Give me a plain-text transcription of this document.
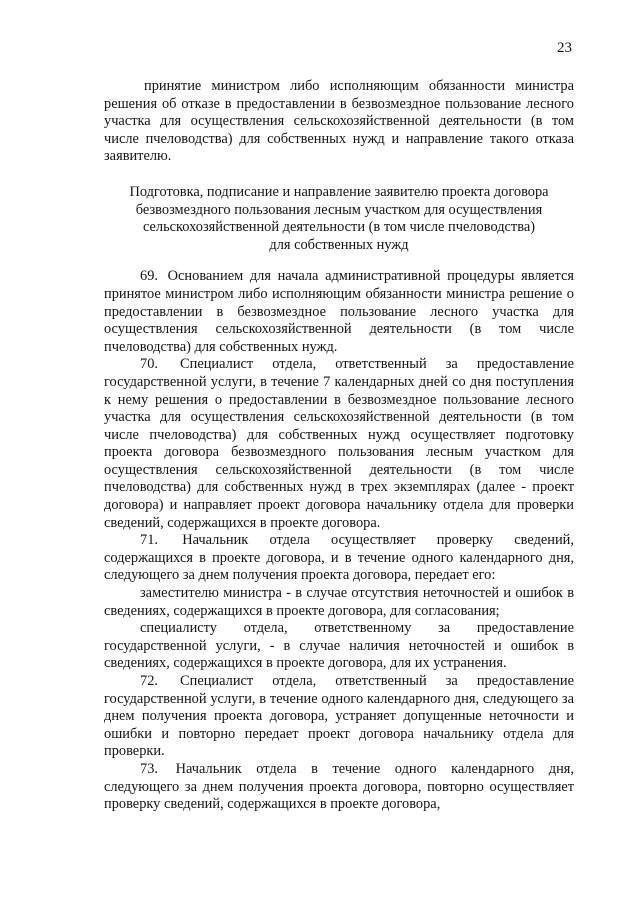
23

принятие министром либо исполняющим обязанности министра решения об отказе в предоставлении в безвозмездное пользование лесного участка для осуществления сельскохозяйственной деятельности (в том числе пчеловодства) для собственных нужд и направление такого отказа заявителю.

Подготовка, подписание и направление заявителю проекта договора
безвозмездного пользования лесным участком для осуществления
сельскохозяйственной деятельности (в том числе пчеловодства)
для собственных нужд

69. Основанием для начала административной процедуры является принятое министром либо исполняющим обязанности министра решение о предоставлении в безвозмездное пользование лесного участка для осуществления сельскохозяйственной деятельности (в том числе пчеловодства) для собственных нужд.

70. Специалист отдела, ответственный за предоставление государственной услуги, в течение 7 календарных дней со дня поступления к нему решения о предоставлении в безвозмездное пользование лесного участка для осуществления сельскохозяйственной деятельности (в том числе пчеловодства) для собственных нужд осуществляет подготовку проекта договора безвозмездного пользования лесным участком для осуществления сельскохозяйственной деятельности (в том числе пчеловодства) для собственных нужд в трех экземплярах (далее - проект договора) и направляет проект договора начальнику отдела для проверки сведений, содержащихся в проекте договора.

71. Начальник отдела осуществляет проверку сведений, содержащихся в проекте договора, и в течение одного календарного дня, следующего за днем получения проекта договора, передает его:

заместителю министра - в случае отсутствия неточностей и ошибок в сведениях, содержащихся в проекте договора, для согласования;

специалисту отдела, ответственному за предоставление государственной услуги, - в случае наличия неточностей и ошибок в сведениях, содержащихся в проекте договора, для их устранения.

72. Специалист отдела, ответственный за предоставление государственной услуги, в течение одного календарного дня, следующего за днем получения проекта договора, устраняет допущенные неточности и ошибки и повторно передает проект договора начальнику отдела для проверки.

73. Начальник отдела в течение одного календарного дня, следующего за днем получения проекта договора, повторно осуществляет проверку сведений, содержащихся в проекте договора,
